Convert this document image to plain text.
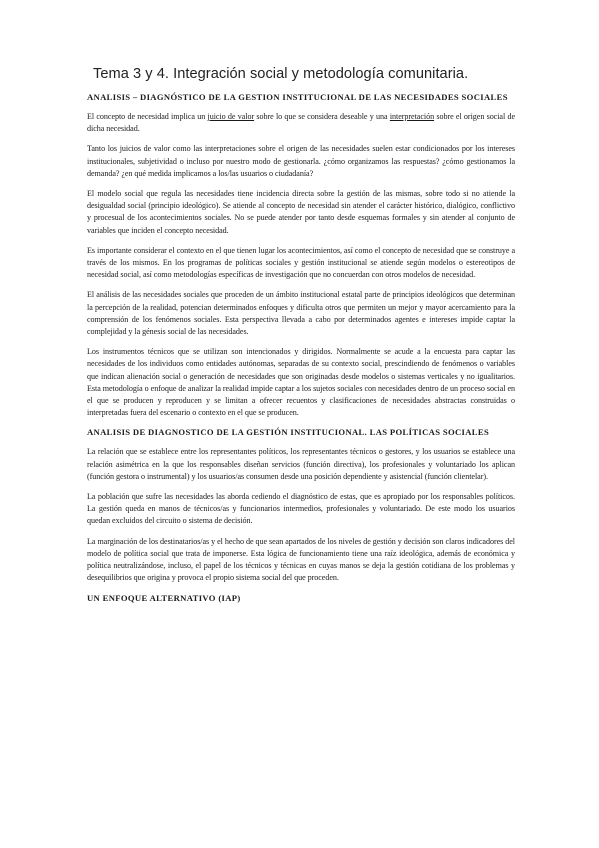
Tema 3 y 4. Integración social y metodología comunitaria.
ANALISIS – DIAGNÓSTICO DE LA GESTION INSTITUCIONAL DE LAS NECESIDADES SOCIALES

El concepto de necesidad implica un juicio de valor sobre lo que se considera deseable y una interpretación sobre el origen social de dicha necesidad.

Tanto los juicios de valor como las interpretaciones sobre el origen de las necesidades suelen estar condicionados por los intereses institucionales, subjetividad o incluso por nuestro modo de gestionarla. ¿cómo organizamos las respuestas? ¿cómo gestionamos la demanda? ¿en qué medida implicamos a los/las usuarios o ciudadanía?

El modelo social que regula las necesidades tiene incidencia directa sobre la gestión de las mismas, sobre todo si no atiende la desigualdad social (principio ideológico). Se atiende al concepto de necesidad sin atender el carácter histórico, dialógico, conflictivo y procesual de los acontecimientos sociales. No se puede atender por tanto desde esquemas formales y sin atender al conjunto de variables que inciden el concepto necesidad.

Es importante considerar el contexto en el que tienen lugar los acontecimientos, así como el concepto de necesidad que se construye a través de los mismos. En los programas de políticas sociales y gestión institucional se atiende según modelos o estereotipos de necesidad social, así como metodologías específicas de investigación que no concuerdan con otros modelos de necesidad.

El análisis de las necesidades sociales que proceden de un ámbito institucional estatal parte de principios ideológicos que determinan la percepción de la realidad, potencian determinados enfoques y dificulta otros que permiten un mejor y mayor acercamiento para la comprensión de los fenómenos sociales. Esta perspectiva llevada a cabo por determinados agentes e intereses impide captar la complejidad y la génesis social de las necesidades.

Los instrumentos técnicos que se utilizan son intencionados y dirigidos. Normalmente se acude a la encuesta para captar las necesidades de los individuos como entidades autónomas, separadas de su contexto social, prescindiendo de fenómenos o variables que indican alienación social o generación de necesidades que son originadas desde modelos o sistemas verticales y no igualitarios. Esta metodología o enfoque de analizar la realidad impide captar a los sujetos sociales con necesidades dentro de un proceso social en el que se producen y reproducen y se limitan a ofrecer recuentos y clasificaciones de necesidades abstractas construidas o interpretadas fuera del escenario o contexto en el que se producen.

ANALISIS DE DIAGNOSTICO DE LA GESTIÓN INSTITUCIONAL. LAS POLÍTICAS SOCIALES

La relación que se establece entre los representantes políticos, los representantes técnicos o gestores, y los usuarios se establece una relación asimétrica en la que los responsables diseñan servicios (función directiva), los profesionales y voluntariado los aplican (función gestora o instrumental) y los usuarios/as consumen desde una posición dependiente y asistencial (función clientelar).

La población que sufre las necesidades las aborda cediendo el diagnóstico de estas, que es apropiado por los responsables políticos. La gestión queda en manos de técnicos/as y funcionarios intermedios, profesionales y voluntariado. De este modo los usuarios quedan excluidos del circuito o sistema de decisión.

La marginación de los destinatarios/as y el hecho de que sean apartados de los niveles de gestión y decisión son claros indicadores del modelo de política social que trata de imponerse. Esta lógica de funcionamiento tiene una raíz ideológica, además de económica y política neutralizándose, incluso, el papel de los técnicos y técnicas en cuyas manos se deja la gestión cotidiana de los problemas y desequilibrios que origina y provoca el propio sistema social del que proceden.

UN ENFOQUE ALTERNATIVO (IAP)
